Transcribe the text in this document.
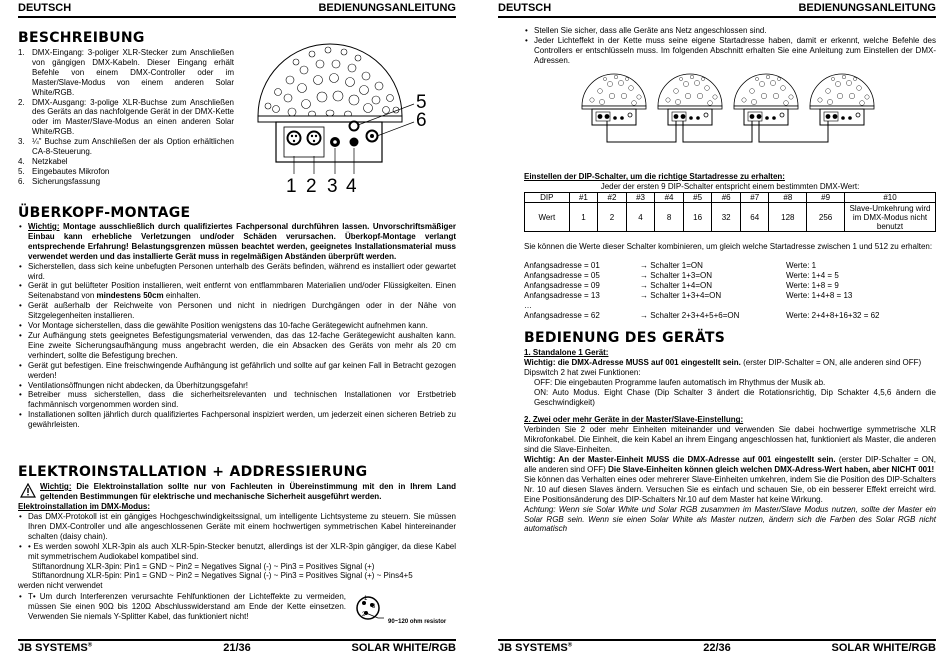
DEUTSCH	BEDIENUNGSANLEITUNG
BESCHREIBUNG
1. DMX-Eingang: 3-poliger XLR-Stecker zum Anschließen von gängigen DMX-Kabeln. Dieser Eingang erhält Befehle von einem DMX-Controller oder im Master/Slave-Modus von einem anderen Solar White/RGB.
2. DMX-Ausgang: 3-polige XLR-Buchse zum Anschließen des Geräts an das nachfolgende Gerät in der DMX-Kette oder im Master/Slave-Modus an einen anderen Solar White/RGB.
3. ¼" Buchse zum Anschließen der als Option erhältlichen CA-8-Steuerung.
4. Netzkabel
5. Eingebautes Mikrofon
6. Sicherungsfassung	1 2 3 4
5
6
ÜBERKOPF-MONTAGE
• Wichtig: Montage ausschließlich durch qualifiziertes Fachpersonal durchführen lassen. Unvorschriftsmäßiger Einbau kann erhebliche Verletzungen und/oder Schäden verursachen. Überkopf-Montage verlangt entsprechende Erfahrung! Belastungsgrenzen müssen beachtet werden, geeignetes Installationsmaterial muss verwendet werden und das installierte Gerät muss in regelmäßigen Abständen überprüft werden.
• Sicherstellen, dass sich keine unbefugten Personen unterhalb des Geräts befinden, während es installiert oder gewartet wird.
• Gerät in gut belüfteter Position installieren, weit entfernt von entflammbaren Materialien und/oder Flüssigkeiten. Einen Seitenabstand von mindestens 50cm einhalten.
• Gerät außerhalb der Reichweite von Personen und nicht in niedrigen Durchgängen oder in der Nähe von Sitzgelegenheiten installieren.
• Vor Montage sicherstellen, dass die gewählte Position wenigstens das 10-fache Gerätegewicht aufnehmen kann.
• Zur Aufhängung stets geeignetes Befestigungsmaterial verwenden, das das 12-fache Gerätegewicht aushalten kann. Eine zweite Sicherungsaufhängung muss angebracht werden, die ein Absacken des Geräts von mehr als 20 cm verhindert, sollte die Befestigung brechen.
• Gerät gut befestigen. Eine freischwingende Aufhängung ist gefährlich und sollte auf gar keinen Fall in Betracht gezogen werden!
• Ventilationsöffnungen nicht abdecken, da Überhitzungsgefahr!
• Betreiber muss sicherstellen, dass die sicherheitsrelevanten und technischen Installationen vor Erstbetrieb fachmännisch vorgenommen worden sind.
• Installationen sollten jährlich durch qualifiziertes Fachpersonal inspiziert werden, um jederzeit einen sicheren Betrieb zu gewährleisten.
ELEKTROINSTALLATION + ADDRESSIERUNG
Wichtig: Die Elektroinstallation sollte nur von Fachleuten in Übereinstimmung mit den in Ihrem Land geltenden Bestimmungen für elektrische und mechanische Sicherheit ausgeführt werden.
Elektroinstallation im DMX-Modus:
• Das DMX-Protokoll ist ein gängiges Hochgeschwindigkeitssignal, um intelligente Lichtsysteme zu steuern. Sie müssen Ihren DMX-Controller und alle angeschlossenen Geräte mit einem hochwertigen symmetrischen Kabel hintereinander schalten (daisy chain).
• • Es werden sowohl XLR-3pin als auch XLR-5pin-Stecker benutzt, allerdings ist der XLR-3pin gängiger, da diese Kabel mit symmetrischem Audiokabel kompatibel sind.

Stiftanordnung XLR-3pin: Pin1 = GND ~ Pin2 = Negatives Signal (-) ~ Pin3 = Positives Signal (+)

Stiftanordnung XLR-5pin: Pin1 = GND ~ Pin2 = Negatives Signal (-) ~ Pin3 = Positives Signal (+) ~ Pins4+5

werden nicht verwendet

• T• Um durch Interferenzen verursachte Fehlfunktionen der Lichteffekte zu vermeiden, müssen Sie einen 90Ω bis 120Ω Abschlusswiderstand am Ende der Kette einsetzen. Verwenden Sie niemals Y-Splitter Kabel, das funktioniert nicht!
1
3
2
90~120 ohm resistor
JB SYSTEMS®	21/36	SOLAR WHITE/RGB
DEUTSCH	BEDIENUNGSANLEITUNG
• Stellen Sie sicher, dass alle Geräte ans Netz angeschlossen sind.
• Jeder Lichteffekt in der Kette muss seine eigene Startadresse haben, damit er erkennt, welche Befehle des Controllers er entschlüsseln muss. Im folgenden Abschnitt erhalten Sie eine Anleitung zum Einstellen der DMX-Adressen.
Einstellen der DIP-Schalter, um die richtige Startadresse zu erhalten:
Jeder der ersten 9 DIP-Schalter entspricht einem bestimmten DMX-Wert:
DIP	#1	#2	#3	#4	#5	#6	#7	#8	#9	#10
Wert	1	2	4	8	16	32	64	128	256	Slave-Umkehrung wird im DMX-Modus nicht benutzt
Sie können die Werte dieser Schalter kombinieren, um gleich welche Startadresse zwischen 1 und 512 zu erhalten:
Anfangsadresse = 01	→ Schalter 1=ON	Werte: 1
Anfangsadresse = 05	→ Schalter 1+3=ON	Werte: 1+4 = 5
Anfangsadresse = 09	→ Schalter 1+4=ON	Werte: 1+8 = 9
Anfangsadresse = 13	→ Schalter 1+3+4=ON	Werte: 1+4+8 = 13
…
Anfangsadresse = 62	→ Schalter 2+3+4+5+6=ON	Werte: 2+4+8+16+32 = 62
BEDIENUNG DES GERÄTS

1. Standalone 1 Gerät:

Wichtig: die DMX-Adresse MUSS auf 001 eingestellt sein. (erster DIP-Schalter = ON, alle anderen sind OFF)

Dipswitch 2 hat zwei Funktionen:

OFF: Die eingebauten Programme laufen automatisch im Rhythmus der Musik ab.

ON: Auto Modus. Eight Chase (Dip Schalter 3 ändert die Rotationsrichtig, Dip Schakter 4,5,6 ändern die Geschwindigkeit)

2. Zwei oder mehr Geräte in der Master/Slave-Einstellung:

Verbinden Sie 2 oder mehr Einheiten miteinander und verwenden Sie dabei hochwertige symmetrische XLR Mikrofonkabel. Die Einheit, die kein Kabel an ihrem Eingang angeschlossen hat, funktioniert als Master, die anderen sind die Slave-Einheiten.

Wichtig: An der Master-Einheit MUSS die DMX-Adresse auf 001 eingestellt sein. (erster DIP-Schalter = ON, alle anderen sind OFF) Die Slave-Einheiten können gleich welchen DMX-Adress-Wert haben, aber NICHT 001!

Sie können das Verhalten eines oder mehrerer Slave-Einheiten umkehren, indem Sie die Position des DIP-Schalters Nr. 10 auf diesen Slaves ändern. Versuchen Sie es einfach und schauen Sie, ob ein besserer Effekt erreicht wird. Eine Positionsänderung des DIP-Schalters Nr.10 auf dem Master hat keine Wirkung.

Achtung: Wenn sie Solar White und Solar RGB zusammen im Master/Slave Modus nutzen, sollte der Master ein Solar RGB sein. Wenn sie einen Solar White als Master nutzen, ändern sich die Farben des Solar RGB nicht automatisch

JB SYSTEMS®	22/36	SOLAR WHITE/RGB
